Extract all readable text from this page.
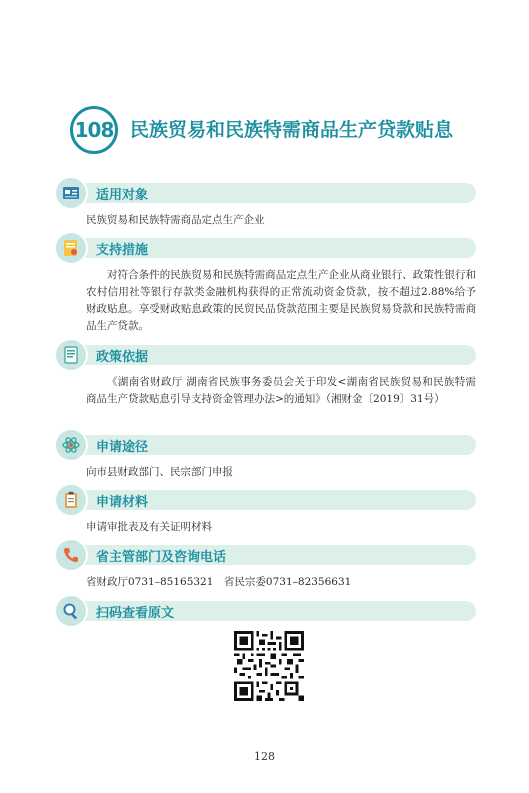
108 民族贸易和民族特需商品生产贷款贴息
适用对象
民族贸易和民族特需商品定点生产企业
支持措施
对符合条件的民族贸易和民族特需商品定点生产企业从商业银行、政策性银行和农村信用社等银行存款类金融机构获得的正常流动资金贷款，按不超过2.88%给予财政贴息。享受财政贴息政策的民贸民品贷款范围主要是民族贸易贷款和民族特需商品生产贷款。
政策依据
《湖南省财政厅 湖南省民族事务委员会关于印发<湖南省民族贸易和民族特需商品生产贷款贴息引导支持资金管理办法>的通知》（湘财金〔2019〕31号）
申请途径
向市县财政部门、民宗部门申报
申请材料
申请审批表及有关证明材料
省主管部门及咨询电话
省财政厅0731–85165321　省民宗委0731–82356631
扫码查看原文
128
